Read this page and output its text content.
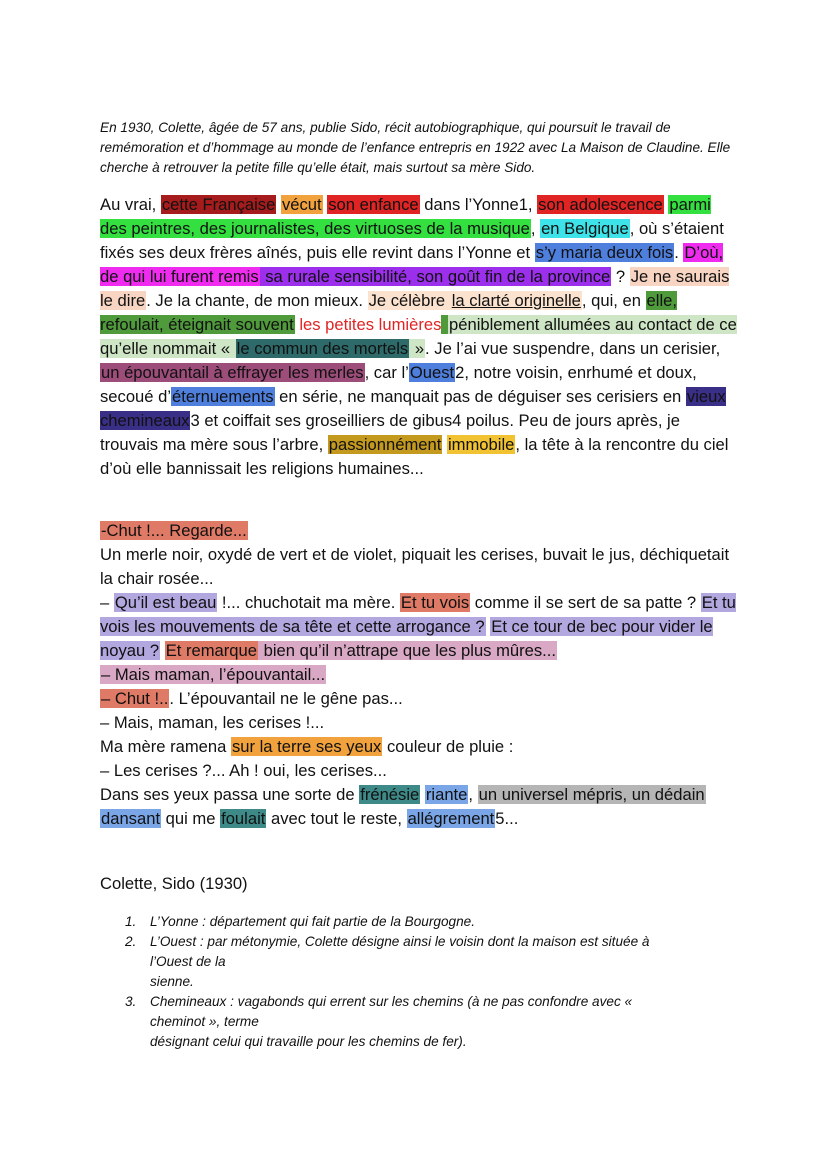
En 1930, Colette, âgée de 57 ans, publie Sido, récit autobiographique, qui poursuit le travail de remémoration et d’hommage au monde de l’enfance entrepris en 1922 avec La Maison de Claudine. Elle cherche à retrouver la petite fille qu’elle était, mais surtout sa mère Sido.

Au vrai, cette Française vécut son enfance dans l’Yonne1, son adolescence parmi des peintres, des journalistes, des virtuoses de la musique, en Belgique, où s’étaient fixés ses deux frères aînés, puis elle revint dans l’Yonne et s’y maria deux fois. D’où, de qui lui furent remis sa rurale sensibilité, son goût fin de la province ? Je ne saurais le dire. Je la chante, de mon mieux. Je célèbre la clarté originelle, qui, en elle, refoulait, éteignait souvent les petites lumières péniblement allumées au contact de ce qu’elle nommait « le commun des mortels ». Je l’ai vue suspendre, dans un cerisier, un épouvantail à effrayer les merles, car l’Ouest2, notre voisin, enrhumé et doux, secoué d’éternuements en série, ne manquait pas de déguiser ses cerisiers en vieux chemineaux3 et coiffait ses groseilliers de gibus4 poilus. Peu de jours après, je trouvais ma mère sous l’arbre, passionnément immobile, la tête à la rencontre du ciel d’où elle bannissait les religions humaines...

-Chut !... Regarde...
Un merle noir, oxydé de vert et de violet, piquait les cerises, buvait le jus, déchiquetait la chair rosée...
– Qu’il est beau !... chuchotait ma mère. Et tu vois comme il se sert de sa patte ? Et tu vois les mouvements de sa tête et cette arrogance ? Et ce tour de bec pour vider le noyau ? Et remarque bien qu’il n’attrape que les plus mûres...
– Mais maman, l’épouvantail...
– Chut !... L’épouvantail ne le gêne pas...
– Mais, maman, les cerises !...
Ma mère ramena sur la terre ses yeux couleur de pluie :
– Les cerises ?... Ah ! oui, les cerises...
Dans ses yeux passa une sorte de frénésie riante, un universel mépris, un dédain dansant qui me foulait avec tout le reste, allégrement5...

Colette, Sido (1930)

1. L’Yonne : département qui fait partie de la Bourgogne.
2. L’Ouest : par métonymie, Colette désigne ainsi le voisin dont la maison est située à
l’Ouest de la
sienne.
3. Chemineaux : vagabonds qui errent sur les chemins (à ne pas confondre avec «
cheminot », terme
désignant celui qui travaille pour les chemins de fer).
